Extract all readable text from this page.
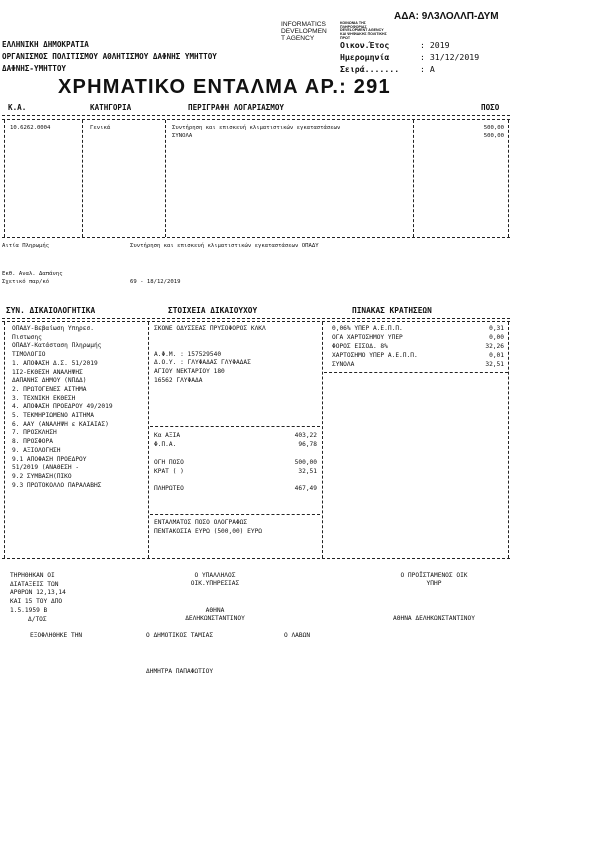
ΑΔΑ: 9Λ3ΛΟΛΛΠ-ΔΥΜ
INFORMATICS
DEVELOPMEN
T AGENCY
ΚΟΙΝΩΝΙΑ ΤΗΣ
ΠΛΗΡΟΦΟΡΙΑΣ
DEVELOPMENT AGENCY
ΚΑΙ ΨΗΦΙΑΚΗΣ ΠΟΛΙΤΙΚΗΣ
ΠΡΩΤ
ΕΛΛΗΝΙΚΗ ΔΗΜΟΚΡΑΤΙΑ
ΟΡΓΑΝΙΣΜΟΣ ΠΟΛΙΤΙΣΜΟΥ ΑΘΛΗΤΙΣΜΟΥ ΔΑΦΝΗΣ ΥΜΗΤΤΟΥ
ΔΑΦΝΗΣ-ΥΜΗΤΤΟΥ
Οικον.Έτος	: 2019
Ημερομηνία	: 31/12/2019
Σειρά.......	: Α
ΧΡΗΜΑΤΙΚΟ ΕΝΤΑΛΜΑ ΑΡ.: 291
Κ.Α.	ΚΑΤΗΓΟΡΙΑ	ΠΕΡΙΓΡΑΦΗ ΛΟΓΑΡΙΑΣΜΟΥ	ΠΟΣΟ
10.6262.0004	Γενικά	Συντήρηση και επισκευή κλιματιστικών εγκαταστάσεων	500,00
ΣΥΝΟΛΑ	500,00
Αιτία Πληρωμής	Συντήρηση και επισκευή κλιματιστικών εγκαταστάσεων ΟΠΑΔΥ
Εκθ. Αναλ. Δαπάνης
Σχετικό παρ/κό	69 - 18/12/2019
ΣΥΝ. ΔΙΚΑΙΟΛΟΓΗΤΙΚΑ	ΣΤΟΙΧΕΙΑ ΔΙΚΑΙΟΥΧΟΥ	ΠΙΝΑΚΑΣ ΚΡΑΤΗΣΕΩΝ
ΟΠΑΔΥ-Βεβαίωση Υπηρεσ.
Πιστωσης
ΟΠΑΔΥ-Κατάσταση Πληρωμής
ΤΙΜΟΛΟΓΙΟ
1. ΑΠΟΦΑΣΗ Δ.Σ. 51/2019
1Ι2-ΕΚΘΕΣΗ ΑΝΑΛΗΨΗΣ
ΔΑΠΑΝΗΣ ΔΗΜΟΥ (ΝΠΔΔ)
2. ΠΡΩΤΟΓΕΝΕΣ ΑΙΤΗΜΑ
3. ΤΕΧΝΙΚΗ ΕΚΘΕΣΗ
4. ΑΠΟΦΑΣΗ ΠΡΟΕΔΡΟΥ 49/2019
5. ΤΕΚΜΗΡΙΩΜΕΝΟ ΑΙΤΗΜΑ
6. ΑΑΥ (ΑΝΑΛΗΨΗ ε ΚΑΙΑΙΑΣ)
7. ΠΡΟΣΚΛΗΣΗ
8. ΠΡΟΣΦΟΡΑ
9. ΑΞΙΟΛΟΓΗΣΗ
9.1 ΑΠΟΦΑΣΗ ΠΡΟΕΔΡΟΥ
51/2019 (ΑΝΑΘΕΣΗ -
9.2 ΣΥΜΒΑΣΗ(ΠΙΚΟ
9.3 ΠΡΩΤΟΚΟΛΛΟ ΠΑΡΑΛΑΒΗΣ
ΣΚΟΝΕ ΟΔΥΣΣΕΑΣ ΠΡΥΣΟΦΟΡΟΣ ΚΛΚΛ
Α.Φ.Μ. : 157529540
Δ.Ο.Υ. : ΓΛΥΦΑΔΑΣ ΓΛΥΦΑΔΑΣ
ΑΓΙΟΥ ΝΕΚΤΑΡΙΟΥ 180
16562 ΓΛΥΦΑΔΑ
Κα ΑΞΙΑ	403,22
Φ.Π.Α.	96,78
ΟΓΗ ΠΟΣΟ	500,00
ΚΡΑΤ ( )	32,51
ΠΛΗΡΩΤΕΟ	467,49
ΕΝΤΑΛΜΑΤΟΣ ΠΟΣΟ ΟΛΟΓΡΑΦΩΣ
ΠΕΝΤΑΚΟΣΙΑ ΕΥΡΩ (500,00) ΕΥΡΩ
0,06% ΥΠΕΡ Α.Ε.Π.Π.	0,31
ΟΓΑ ΧΑΡΤΟΣΗΜΟΥ ΥΠΕΡ	0,00
ΦΟΡΟΣ ΕΙΣΟΔ. 8%	32,26
ΧΑΡΤΟΣΗΜΟ ΥΠΕΡ Α.Ε.Π.Π.	0,01
ΣΥΝΟΛΑ	32,51
ΤΗΡΗΘΗΚΑΝ ΟΙ
ΔΙΑΤΑΞΕΙΣ ΤΩΝ
ΑΡΘΡΩΝ 12,13,14
ΚΑΙ 15 ΤΟΥ ΔΠΟ
1.5.1959 Β
Δ/ΤΟΣ
Ο ΥΠΑΛΛΗΛΟΣ
ΟΙΚ.ΥΠΗΡΕΣΙΑΣ
ΑΘΗΝΑ
ΔΕΛΗΚΩΝΣΤΑΝΤΙΝΟΥ
Ο ΠΡΟΪΣΤΑΜΕΝΟΣ ΟΙΚ
ΥΠΗΡ
ΑΘΗΝΑ ΔΕΛΗΚΩΝΣΤΑΝΤΙΝΟΥ
ΕΞΟΦΛΗΘΗΚΕ ΤΗΝ	Ο ΔΗΜΟΤΙΚΟΣ ΤΑΜΙΑΣ	Ο ΛΑΒΩΝ
ΔΗΜΗΤΡΑ ΠΑΠΑΦΩΤΙΟΥ
